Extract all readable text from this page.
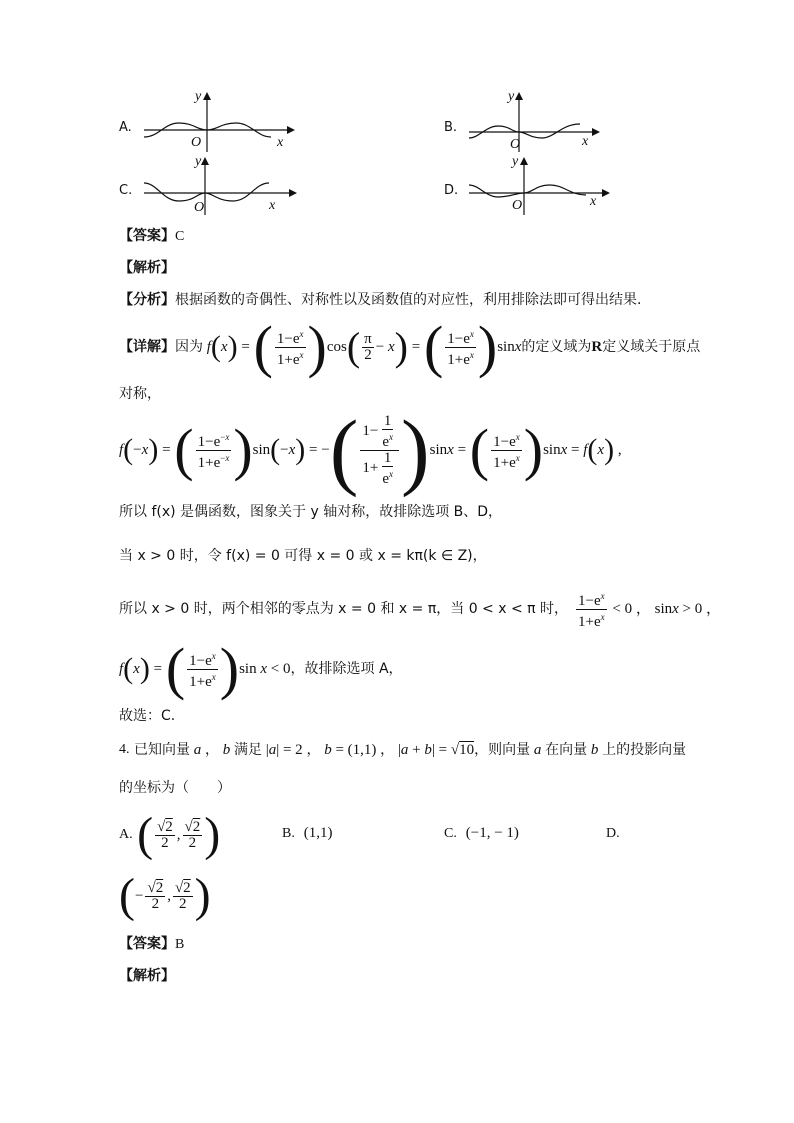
A.
y
O	x
B.
y
O	x
C.
y
O	x
D.
y
O	x
【答案】C
【解析】
【分析】根据函数的奇偶性、对称性以及函数值的对应性，利用排除法即可得出结果.
【详解】 因为 f ( x ) = ( $\frac{1-e^x}{1+e^x}$ ) cos ( $\frac{\pi}{2} - x$ ) = ( $\frac{1-e^x}{1+e^x}$ ) sin x 的定义域为 R 定义域关于原点
对称，
f ( − x ) = ( $\frac{1-e^{-x}}{1+e^{-x}}$ ) sin ( − x ) = − ( $\frac{1- \frac{1}{e^x}}{1+ \frac{1}{e^x}}$ ) sin x = ( $\frac{1-e^x}{1+e^x}$ ) sin x = f ( x ) ,
所以 f(x) 是偶函数，图象关于 y 轴对称，故排除选项 B、D，
当 x > 0 时，令 f(x) = 0 可得 x = 0 或 x = kπ(k ∈ Z)，
所以 x > 0 时，两个相邻的零点为 x = 0 和 x = π，当 0 < x < π 时， $\frac{1-e^x}{1+e^x} < 0$ ， sin x > 0 ，
f ( x ) = ( $\frac{1-e^x}{1+e^x}$ ) sin x < 0 ，故排除选项 A，
故选：C.
4.
已知向量 a ， b 满足 |a| = 2 ， b = (1,1) ， |a + b| = √10 ，则向量 a 在向量 b 上的投影向量
的坐标为（　　）
A.
( $\frac{√2}{2}$ , $\frac{√2}{2}$ )	B.
(1,1)	C.
(−1, − 1)	D.
( − $\frac{√2}{2}$ , $\frac{√2}{2}$ )
【答案】B
【解析】
